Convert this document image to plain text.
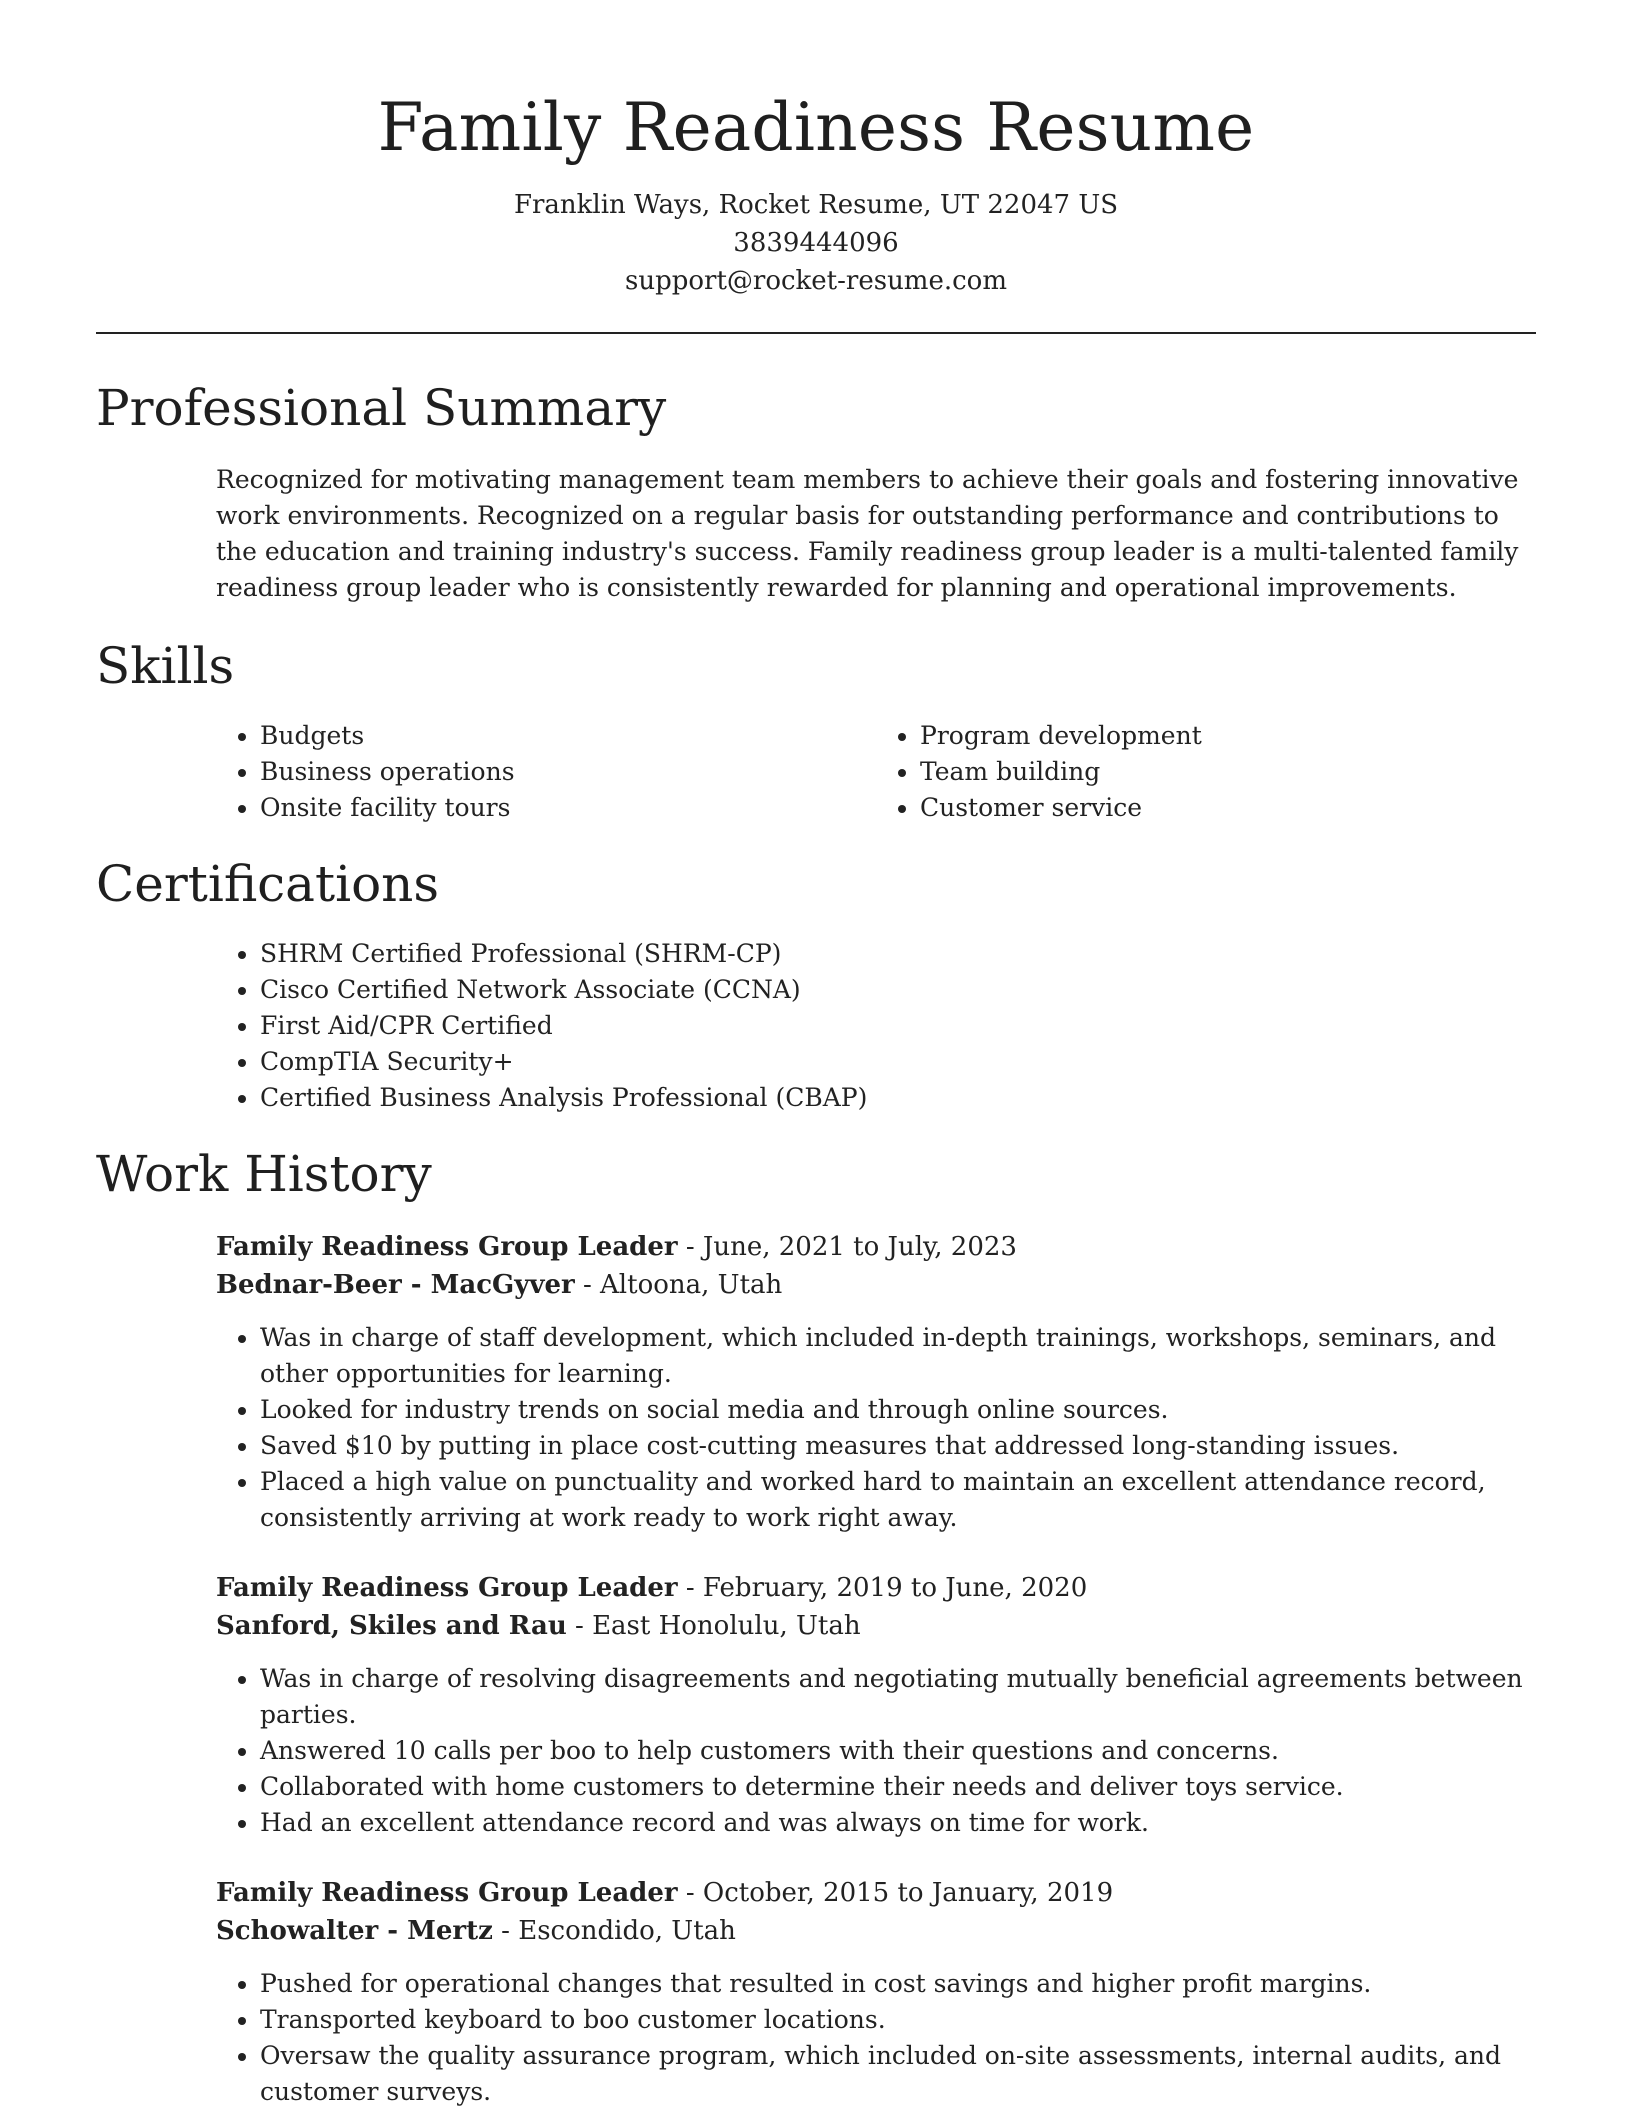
Family Readiness Resume
Franklin Ways, Rocket Resume, UT 22047 US
3839444096
support@rocket-resume.com
Professional Summary
Recognized for motivating management team members to achieve their goals and fostering innovative work environments. Recognized on a regular basis for outstanding performance and contributions to the education and training industry's success. Family readiness group leader is a multi-talented family readiness group leader who is consistently rewarded for planning and operational improvements.
Skills
• Budgets
• Business operations
• Onsite facility tours
• Program development
• Team building
• Customer service
Certifications
• SHRM Certified Professional (SHRM-CP)
• Cisco Certified Network Associate (CCNA)
• First Aid/CPR Certified
• CompTIA Security+
• Certified Business Analysis Professional (CBAP)
Work History
Family Readiness Group Leader - June, 2021 to July, 2023
Bednar-Beer - MacGyver - Altoona, Utah
• Was in charge of staff development, which included in-depth trainings, workshops, seminars, and other opportunities for learning.
• Looked for industry trends on social media and through online sources.
• Saved $10 by putting in place cost-cutting measures that addressed long-standing issues.
• Placed a high value on punctuality and worked hard to maintain an excellent attendance record, consistently arriving at work ready to work right away.
Family Readiness Group Leader - February, 2019 to June, 2020
Sanford, Skiles and Rau - East Honolulu, Utah
• Was in charge of resolving disagreements and negotiating mutually beneficial agreements between parties.
• Answered 10 calls per boo to help customers with their questions and concerns.
• Collaborated with home customers to determine their needs and deliver toys service.
• Had an excellent attendance record and was always on time for work.
Family Readiness Group Leader - October, 2015 to January, 2019
Schowalter - Mertz - Escondido, Utah
• Pushed for operational changes that resulted in cost savings and higher profit margins.
• Transported keyboard to boo customer locations.
• Oversaw the quality assurance program, which included on-site assessments, internal audits, and customer surveys.
